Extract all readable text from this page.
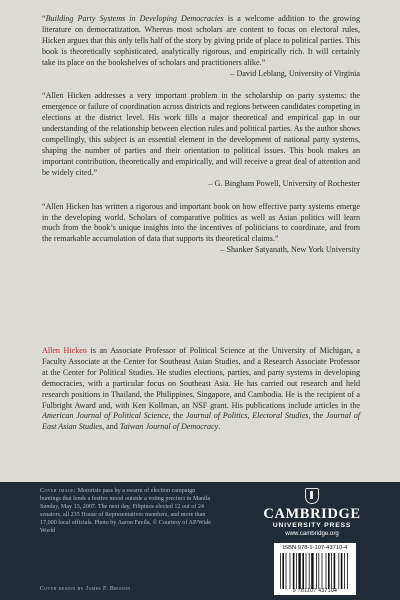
“Building Party Systems in Developing Democracies is a welcome addition to the growing literature on democratization. Whereas most scholars are content to focus on electoral rules, Hicken argues that this only tells half of the story by giving pride of place to political parties. This book is theoretically sophisticated, analytically rigorous, and empirically rich. It will certainly take its place on the bookshelves of scholars and practitioners alike.”

– David Leblang, University of Virginia

“Allen Hicken addresses a very important problem in the scholarship on party systems: the emergence or failure of coordination across districts and regions between candidates competing in elections at the district level. His work fills a major theoretical and empirical gap in our understanding of the relationship between election rules and political parties. As the author shows compellingly, this subject is an essential element in the development of national party systems, shaping the number of parties and their orientation to political issues. This book makes an important contribution, theoretically and empirically, and will receive a great deal of attention and be widely cited.”

– G. Bingham Powell, University of Rochester

“Allen Hicken has written a rigorous and important book on how effective party systems emerge in the developing world. Scholars of comparative politics as well as Asian politics will learn much from the book’s unique insights into the incentives of politicians to coordinate, and from the remarkable accumulation of data that supports its theoretical claims.”

– Shanker Satyanath, New York University

Allen Hicken is an Associate Professor of Political Science at the University of Michigan, a Faculty Associate at the Center for Southeast Asian Studies, and a Research Associate Professor at the Center for Political Studies. He studies elections, parties, and party systems in developing democracies, with a particular focus on Southeast Asia. He has carried out research and held research positions in Thailand, the Philippines, Singapore, and Cambodia. He is the recipient of a Fulbright Award and, with Ken Kollman, an NSF grant. His publications include articles in the American Journal of Political Science, the Journal of Politics, Electoral Studies, the Journal of East Asian Studies, and Taiwan Journal of Democracy.

Cover image: Motorists pass by a swarm of election campaign buntings that lends a festive mood outside a voting precinct in Manila Sunday, May 13, 2007. The next day, Filipinos elected 12 out of 24 senators, all 235 House of Representatives members, and more than 17,000 local officials. Photo by Aaron Favila, © Courtesy of AP/Wide World

Cover design by James F. Brisson

CAMBRIDGE
UNIVERSITY PRESS
www.cambridge.org

ISBN 978-1-107-43710-4

9 781107 437104
